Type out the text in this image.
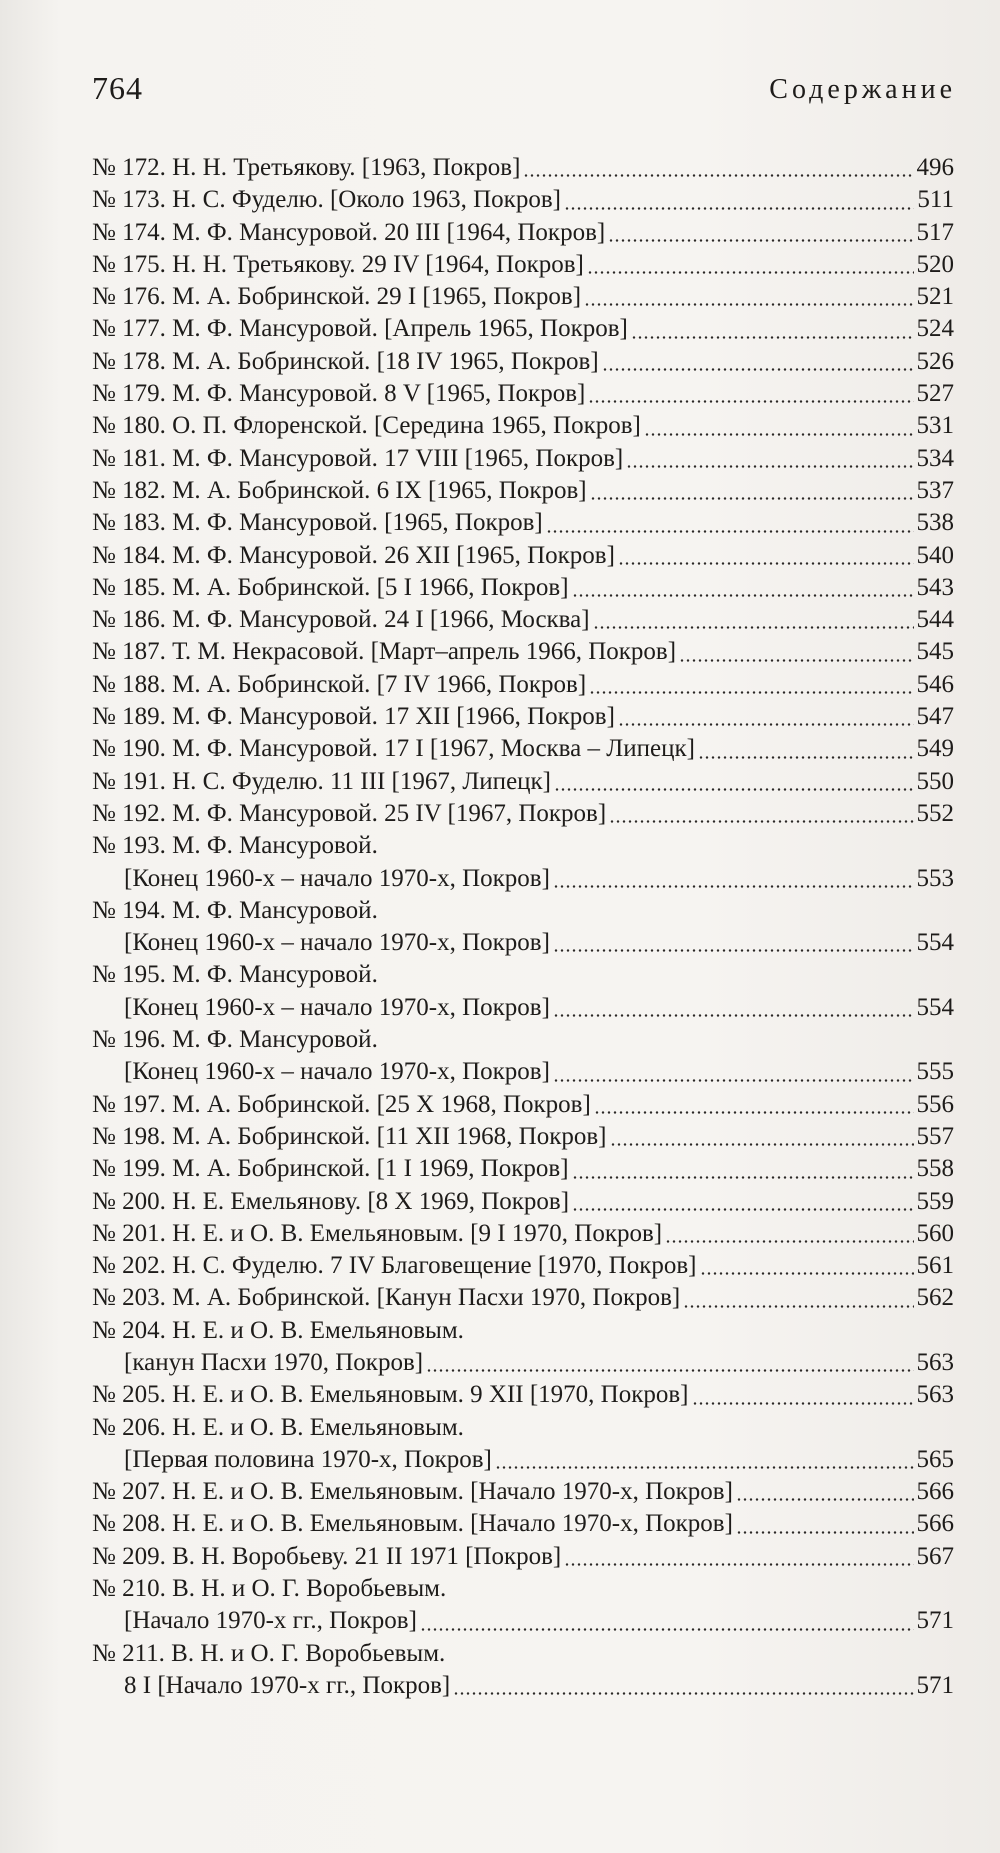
764	Содержание
№ 172. Н. Н. Третьякову. [1963, Покров]	496
№ 173. Н. С. Фуделю. [Около 1963, Покров]	511
№ 174. М. Ф. Мансуровой. 20 III [1964, Покров]	517
№ 175. Н. Н. Третьякову. 29 IV [1964, Покров]	520
№ 176. М. А. Бобринской. 29 I [1965, Покров]	521
№ 177. М. Ф. Мансуровой. [Апрель 1965, Покров]	524
№ 178. М. А. Бобринской. [18 IV 1965, Покров]	526
№ 179. М. Ф. Мансуровой. 8 V [1965, Покров]	527
№ 180. О. П. Флоренской. [Середина 1965, Покров]	531
№ 181. М. Ф. Мансуровой. 17 VIII [1965, Покров]	534
№ 182. М. А. Бобринской. 6 IX [1965, Покров]	537
№ 183. М. Ф. Мансуровой. [1965, Покров]	538
№ 184. М. Ф. Мансуровой. 26 XII [1965, Покров]	540
№ 185. М. А. Бобринской. [5 I 1966, Покров]	543
№ 186. М. Ф. Мансуровой. 24 I [1966, Москва]	544
№ 187. Т. М. Некрасовой. [Март–апрель 1966, Покров]	545
№ 188. М. А. Бобринской. [7 IV 1966, Покров]	546
№ 189. М. Ф. Мансуровой. 17 XII [1966, Покров]	547
№ 190. М. Ф. Мансуровой. 17 I [1967, Москва – Липецк]	549
№ 191. Н. С. Фуделю. 11 III [1967, Липецк]	550
№ 192. М. Ф. Мансуровой. 25 IV [1967, Покров]	552
№ 193. М. Ф. Мансуровой.
[Конец 1960-х – начало 1970-х, Покров]	553
№ 194. М. Ф. Мансуровой.
[Конец 1960-х – начало 1970-х, Покров]	554
№ 195. М. Ф. Мансуровой.
[Конец 1960-х – начало 1970-х, Покров]	554
№ 196. М. Ф. Мансуровой.
[Конец 1960-х – начало 1970-х, Покров]	555
№ 197. М. А. Бобринской. [25 X 1968, Покров]	556
№ 198. М. А. Бобринской. [11 XII 1968, Покров]	557
№ 199. М. А. Бобринской. [1 I 1969, Покров]	558
№ 200. Н. Е. Емельянову. [8 X 1969, Покров]	559
№ 201. Н. Е. и О. В. Емельяновым. [9 I 1970, Покров]	560
№ 202. Н. С. Фуделю. 7 IV Благовещение [1970, Покров]	561
№ 203. М. А. Бобринской. [Канун Пасхи 1970, Покров]	562
№ 204. Н. Е. и О. В. Емельяновым.
[канун Пасхи 1970, Покров]	563
№ 205. Н. Е. и О. В. Емельяновым. 9 XII [1970, Покров]	563
№ 206. Н. Е. и О. В. Емельяновым.
[Первая половина 1970-х, Покров]	565
№ 207. Н. Е. и О. В. Емельяновым. [Начало 1970-х, Покров]	566
№ 208. Н. Е. и О. В. Емельяновым. [Начало 1970-х, Покров]	566
№ 209. В. Н. Воробьеву. 21 II 1971 [Покров]	567
№ 210. В. Н. и О. Г. Воробьевым.
[Начало 1970-х гг., Покров]	571
№ 211. В. Н. и О. Г. Воробьевым.
8 I [Начало 1970-х гг., Покров]	571
